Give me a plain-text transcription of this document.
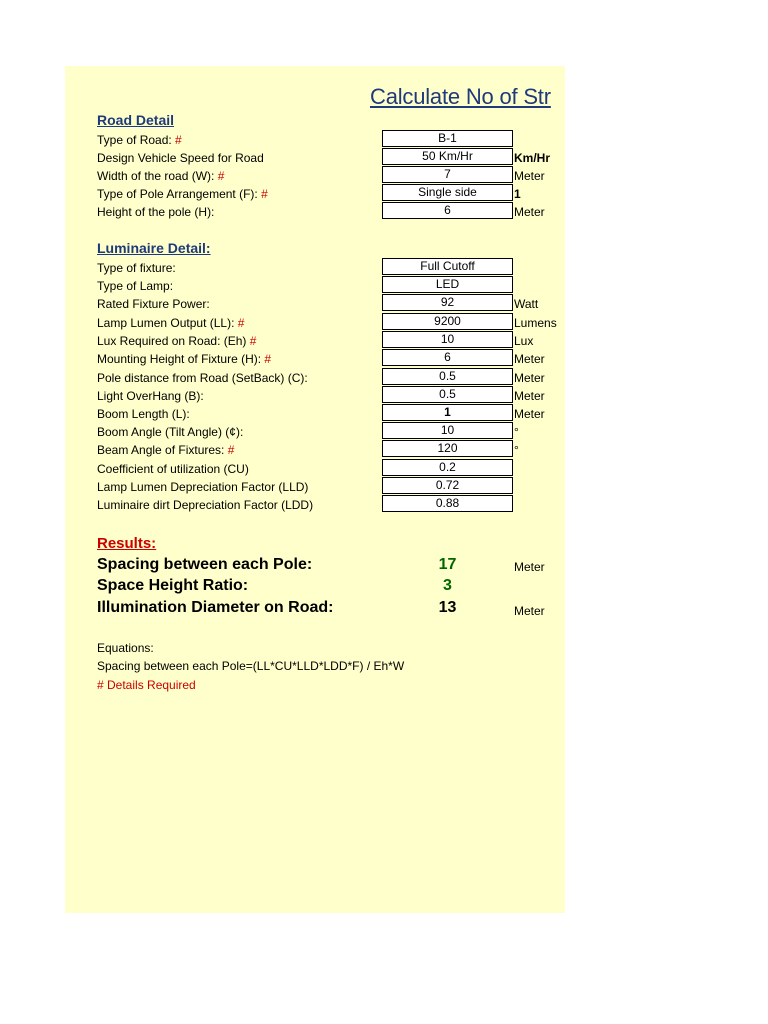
Calculate No of Str
Road Detail
Type of Road: #	B-1
Design Vehicle Speed for Road	50 Km/Hr	Km/Hr
Width of the road (W): #	7	Meter
Type of Pole Arrangement (F): #	Single side	1
Height of the pole (H):	6	Meter
Luminaire Detail:
Type of fixture:	Full Cutoff
Type of Lamp:	LED
Rated Fixture Power:	92	Watt
Lamp Lumen Output (LL): #	9200	Lumens
Lux Required on Road: (Eh) #	10	Lux
Mounting Height of Fixture (H): #	6	Meter
Pole distance from Road (SetBack) (C):	0.5	Meter
Light OverHang (B):	0.5	Meter
Boom Length (L):	1	Meter
Boom Angle (Tilt Angle) (¢):	10	°
Beam Angle of Fixtures: #	120	°
Coefficient of utilization (CU)	0.2
Lamp Lumen Depreciation Factor (LLD)	0.72
Luminaire dirt Depreciation Factor (LDD)	0.88
Results:
Spacing between each Pole:	17	Meter
Space Height Ratio:	3
Illumination Diameter on Road:	13	Meter
Equations:
Spacing between each Pole=(LL*CU*LLD*LDD*F) / Eh*W
# Details Required
